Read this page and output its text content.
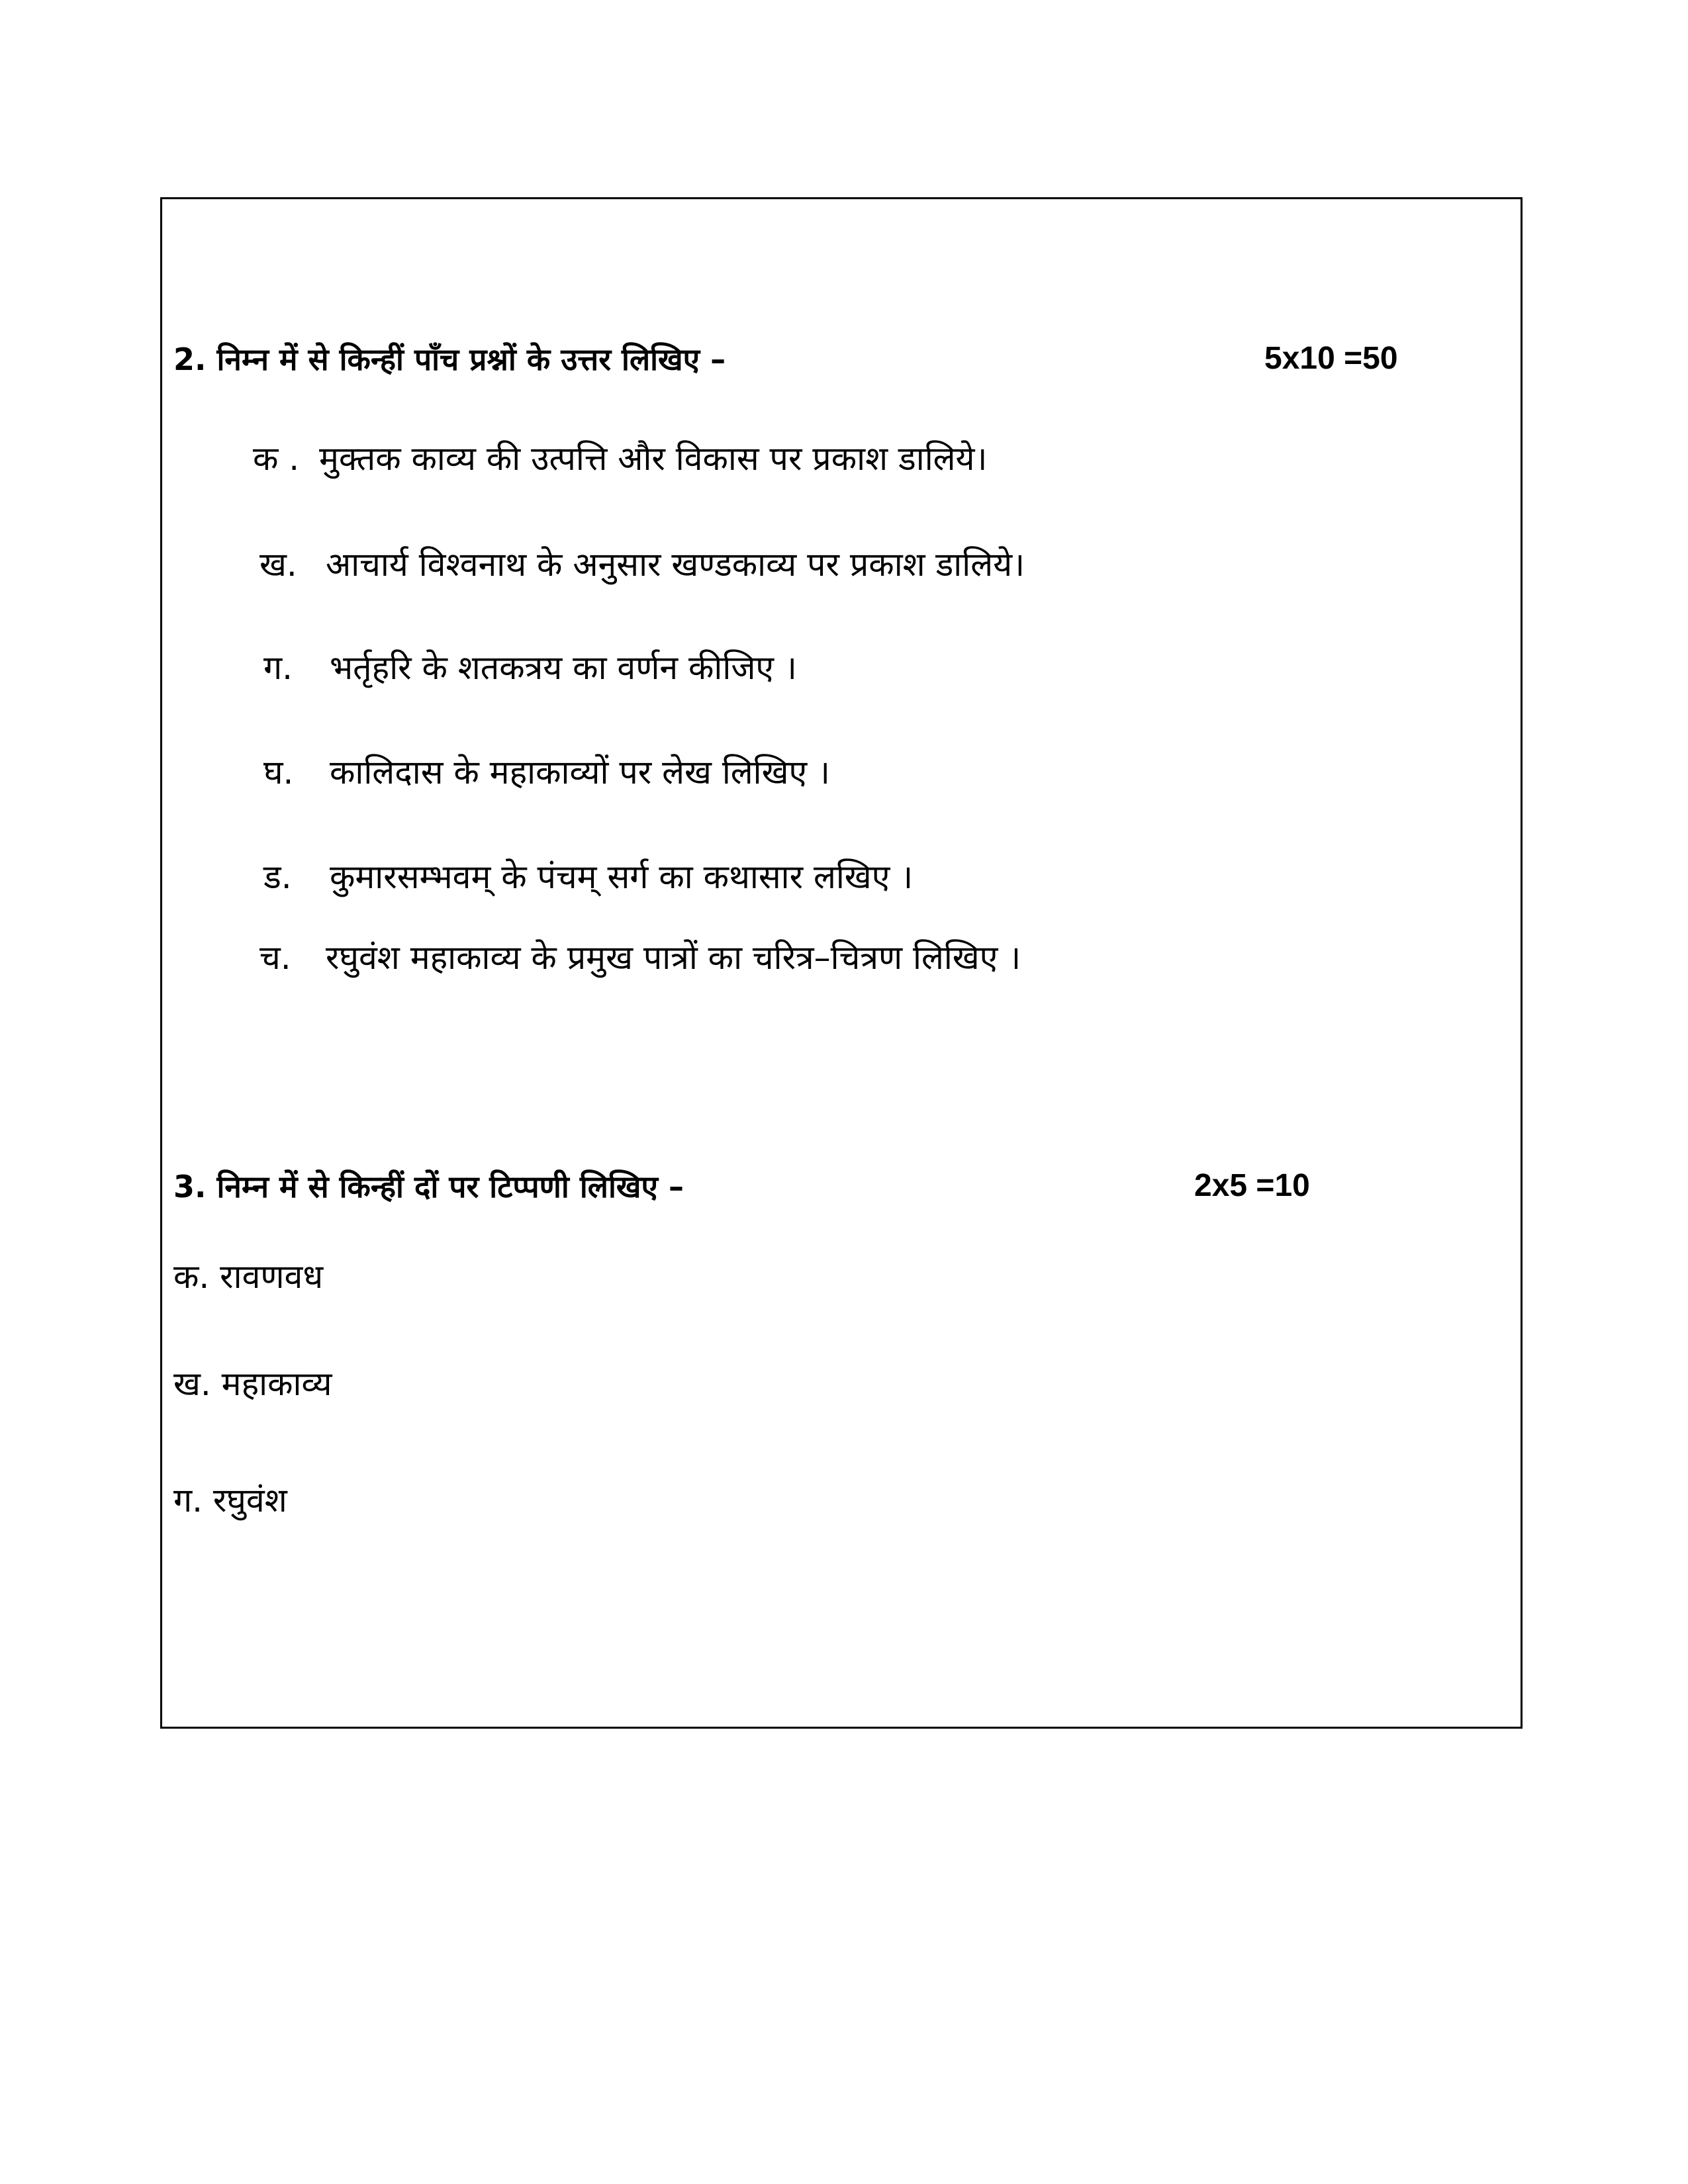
2. निम्न में से किन्हीं पाँच प्रश्नों के उत्तर लिखिए –	5x10 =50
क . मुक्तक काव्य की उत्पत्ति और विकास पर प्रकाश डालिये।
ख. आचार्य विश्वनाथ के अनुसार खण्डकाव्य पर प्रकाश डालिये।
ग. भर्तृहरि के शतकत्रय का वर्णन कीजिए ।
घ. कालिदास के महाकाव्यों पर लेख लिखिए ।
ड. कुमारसम्भवम् के पंचम् सर्ग का कथासार लखिए ।
च. रघुवंश महाकाव्य के प्रमुख पात्रों का चरित्र–चित्रण लिखिए ।
3. निम्न में से किन्हीं दों पर टिप्पणी लिखिए –	2x5 =10
क. रावणवध
ख. महाकाव्य
ग. रघुवंश
